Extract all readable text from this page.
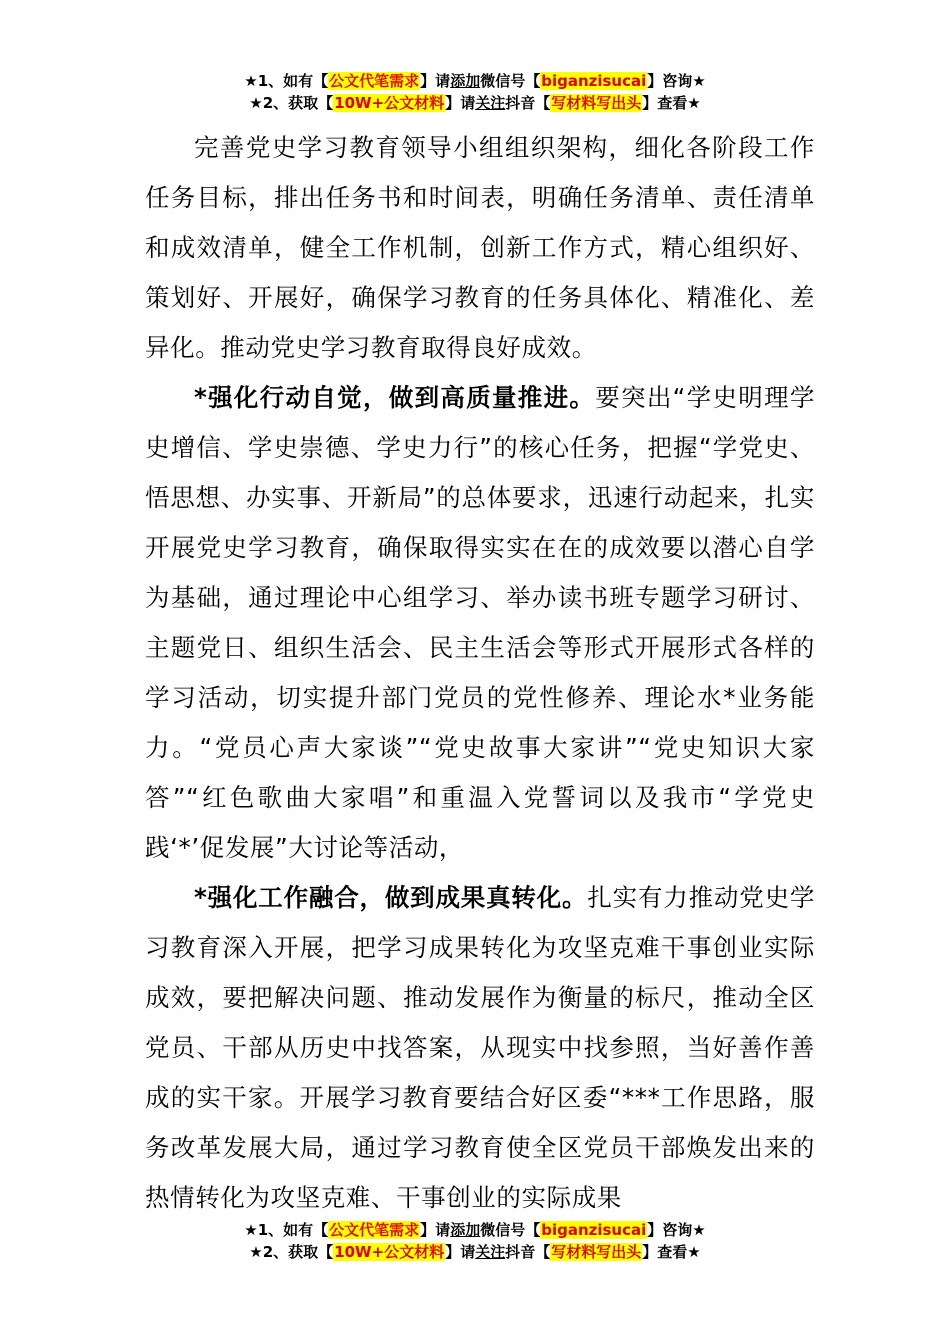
★1、如有【公文代笔需求】请添加微信号【biganzisucai】咨询★
★2、获取【10W+公文材料】请关注抖音【写材料写出头】查看★

完善党史学习教育领导小组组织架构，细化各阶段工作任务目标，排出任务书和时间表，明确任务清单、责任清单和成效清单，健全工作机制，创新工作方式，精心组织好、策划好、开展好，确保学习教育的任务具体化、精准化、差异化。推动党史学习教育取得良好成效。

*强化行动自觉，做到高质量推进。要突出“学史明理学史增信、学史崇德、学史力行”的核心任务，把握“学党史、悟思想、办实事、开新局”的总体要求，迅速行动起来，扎实开展党史学习教育，确保取得实实在在的成效要以潜心自学为基础，通过理论中心组学习、举办读书班专题学习研讨、主题党日、组织生活会、民主生活会等形式开展形式各样的学习活动，切实提升部门党员的党性修养、理论水*业务能力。“党员心声大家谈”“党史故事大家讲”“党史知识大家答”“红色歌曲大家唱”和重温入党誓词以及我市“学党史践‘*’促发展”大讨论等活动，

*强化工作融合，做到成果真转化。扎实有力推动党史学习教育深入开展，把学习成果转化为攻坚克难干事创业实际成效，要把解决问题、推动发展作为衡量的标尺，推动全区党员、干部从历史中找答案，从现实中找参照，当好善作善成的实干家。开展学习教育要结合好区委“***工作思路，服务改革发展大局，通过学习教育使全区党员干部焕发出来的热情转化为攻坚克难、干事创业的实际成果

★1、如有【公文代笔需求】请添加微信号【biganzisucai】咨询★
★2、获取【10W+公文材料】请关注抖音【写材料写出头】查看★
